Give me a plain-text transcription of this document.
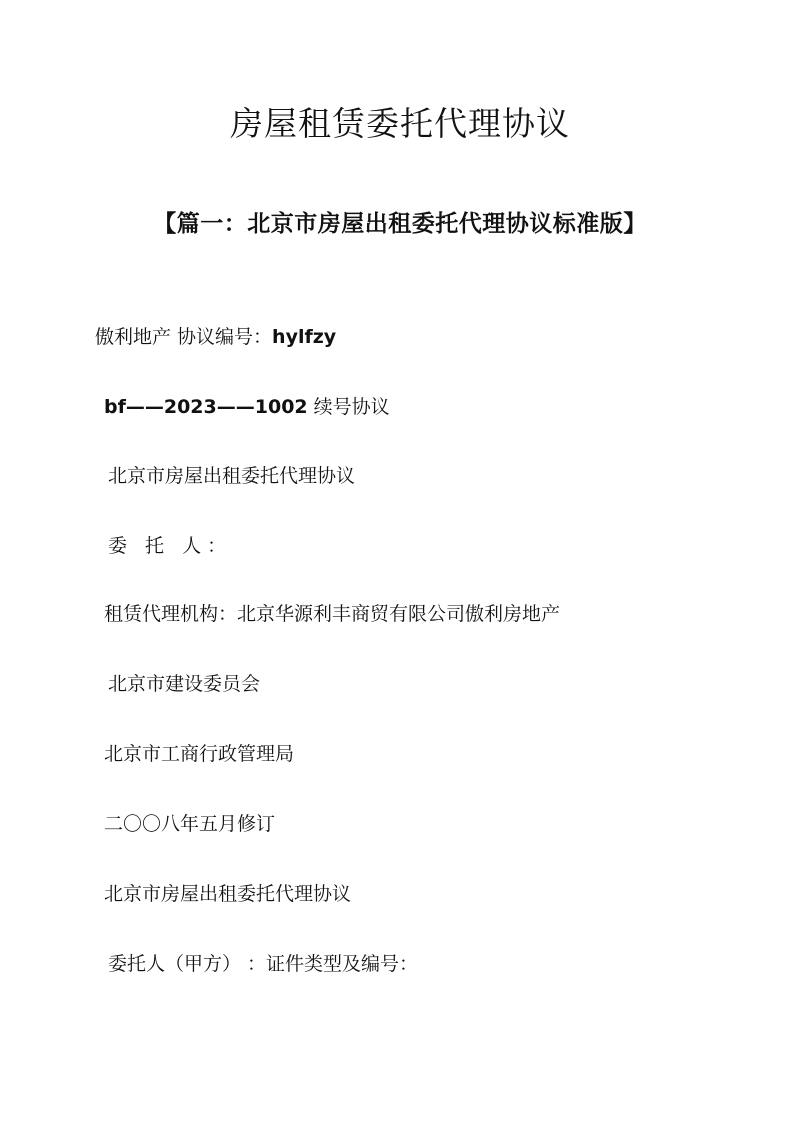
房屋租赁委托代理协议
【篇一：北京市房屋出租委托代理协议标准版】

傲利地产 协议编号：hylfzy

bf——2023——1002 续号协议

北京市房屋出租委托代理协议

委 托 人：

租赁代理机构：北京华源利丰商贸有限公司傲利房地产

北京市建设委员会

北京市工商行政管理局

二〇〇八年五月修订

北京市房屋出租委托代理协议

委托人（甲方） ：证件类型及编号：
